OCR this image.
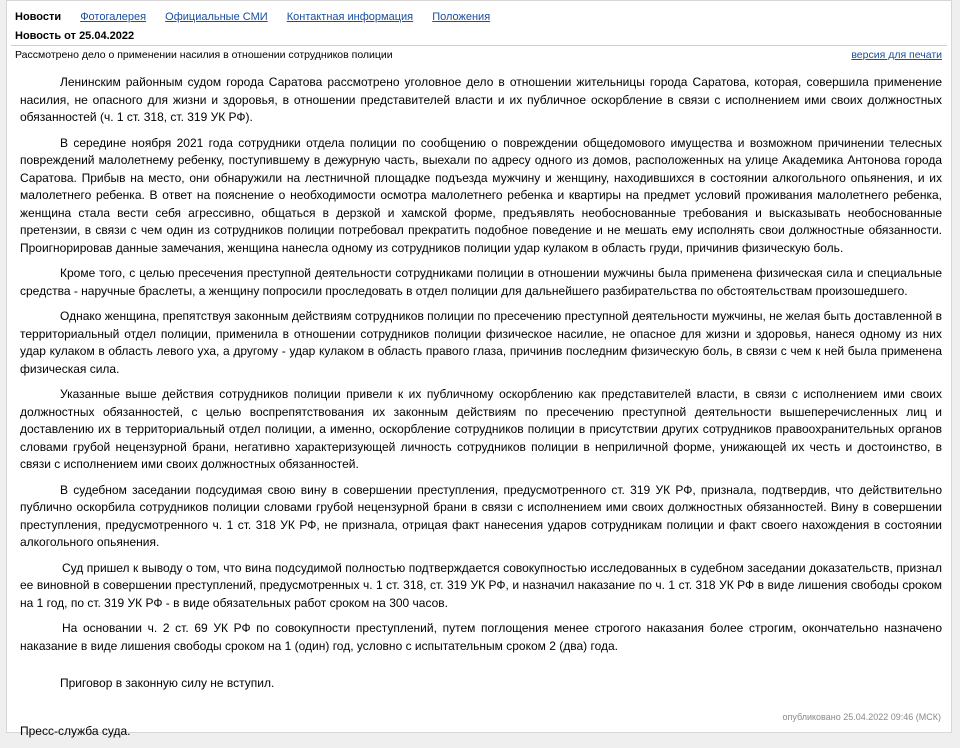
Новости Фотогалерея Официальные СМИ Контактная информация Положения
Новость от 25.04.2022
Рассмотрено дело о применении насилия в отношении сотрудников полиции	версия для печати

Ленинским районным судом города Саратова рассмотрено уголовное дело в отношении жительницы города Саратова, которая, совершила применение насилия, не опасного для жизни и здоровья, в отношении представителей власти и их публичное оскорбление в связи с исполнением ими своих должностных обязанностей (ч. 1 ст. 318, ст. 319 УК РФ).

В середине ноября 2021 года сотрудники отдела полиции по сообщению о повреждении общедомового имущества и возможном причинении телесных повреждений малолетнему ребенку, поступившему в дежурную часть, выехали по адресу одного из домов, расположенных на улице Академика Антонова города Саратова. Прибыв на место, они обнаружили на лестничной площадке подъезда мужчину и женщину, находившихся в состоянии алкогольного опьянения, и их малолетнего ребенка. В ответ на пояснение о необходимости осмотра малолетнего ребенка и квартиры на предмет условий проживания малолетнего ребенка, женщина стала вести себя агрессивно, общаться в дерзкой и хамской форме, предъявлять необоснованные требования и высказывать необоснованные претензии, в связи с чем один из сотрудников полиции потребовал прекратить подобное поведение и не мешать ему исполнять свои должностные обязанности. Проигнорировав данные замечания, женщина нанесла одному из сотрудников полиции удар кулаком в область груди, причинив физическую боль.

Кроме того, с целью пресечения преступной деятельности сотрудниками полиции в отношении мужчины была применена физическая сила и специальные средства - наручные браслеты, а женщину попросили проследовать в отдел полиции для дальнейшего разбирательства по обстоятельствам произошедшего.

Однако женщина, препятствуя законным действиям сотрудников полиции по пресечению преступной деятельности мужчины, не желая быть доставленной в территориальный отдел полиции, применила в отношении сотрудников полиции физическое насилие, не опасное для жизни и здоровья, нанеся одному из них удар кулаком в область левого уха, а другому - удар кулаком в область правого глаза, причинив последним физическую боль, в связи с чем к ней была применена физическая сила.

Указанные выше действия сотрудников полиции привели к их публичному оскорблению как представителей власти, в связи с исполнением ими своих должностных обязанностей, с целью воспрепятствования их законным действиям по пресечению преступной деятельности вышеперечисленных лиц и доставлению их в территориальный отдел полиции, а именно, оскорбление сотрудников полиции в присутствии других сотрудников правоохранительных органов словами грубой нецензурной брани, негативно характеризующей личность сотрудников полиции в неприличной форме, унижающей их честь и достоинство, в связи с исполнением ими своих должностных обязанностей.

В судебном заседании подсудимая свою вину в совершении преступления, предусмотренного ст. 319 УК РФ, признала, подтвердив, что действительно публично оскорбила сотрудников полиции словами грубой нецензурной брани в связи с исполнением ими своих должностных обязанностей. Вину в совершении преступления, предусмотренного ч. 1 ст. 318 УК РФ, не признала, отрицая факт нанесения ударов сотрудникам полиции и факт своего нахождения в состоянии алкогольного опьянения.

Суд пришел к выводу о том, что вина подсудимой полностью подтверждается совокупностью исследованных в судебном заседании доказательств, признал ее виновной в совершении преступлений, предусмотренных ч. 1 ст. 318, ст. 319 УК РФ, и назначил наказание по ч. 1 ст. 318 УК РФ в виде лишения свободы сроком на 1 год, по ст. 319 УК РФ - в виде обязательных работ сроком на 300 часов.

На основании ч. 2 ст. 69 УК РФ по совокупности преступлений, путем поглощения менее строгого наказания более строгим, окончательно назначено наказание в виде лишения свободы сроком на 1 (один) год, условно с испытательным сроком 2 (два) года.

Приговор в законную силу не вступил.

Пресс-служба суда.

опубликовано 25.04.2022 09:46 (МСК)
